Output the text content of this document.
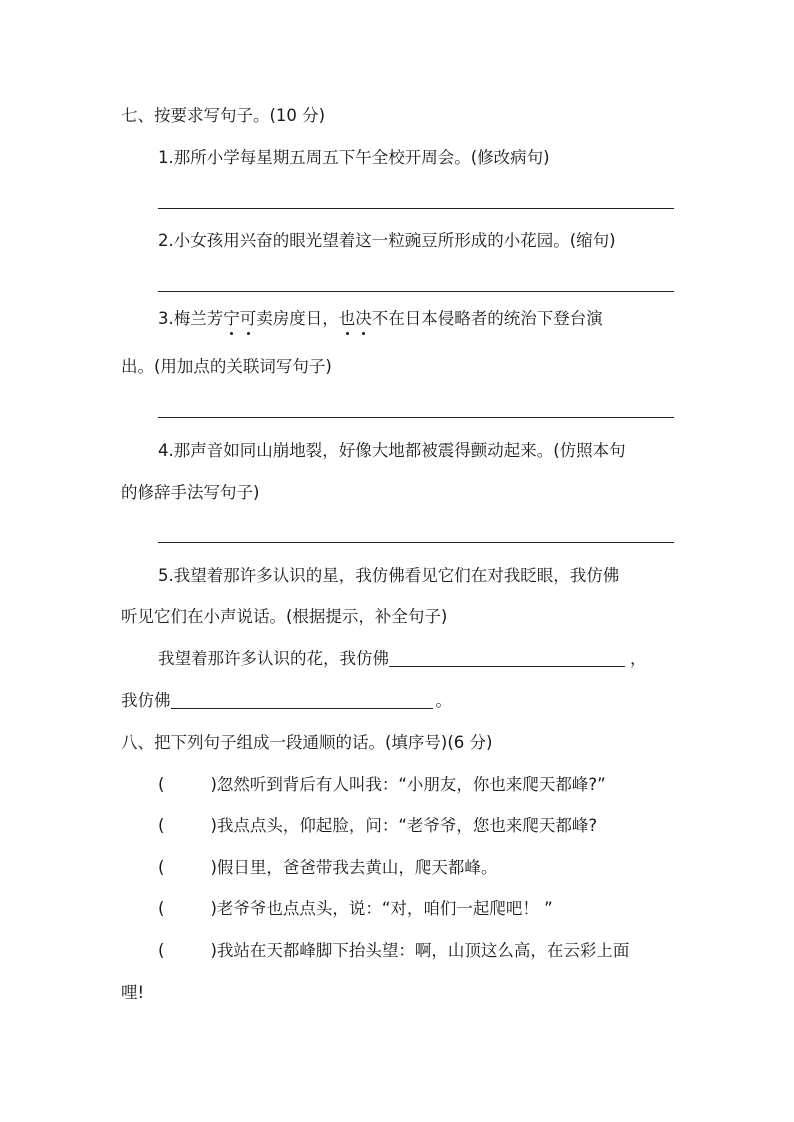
七、按要求写句子。(10 分)
1.那所小学每星期五周五下午全校开周会。(修改病句)
2.小女孩用兴奋的眼光望着这一粒豌豆所形成的小花园。(缩句)
3.梅兰芳宁可卖房度日，也决不在日本侵略者的统治下登台演
出。(用加点的关联词写句子)
4.那声音如同山崩地裂，好像大地都被震得颤动起来。(仿照本句
的修辞手法写句子)
5.我望着那许多认识的星，我仿佛看见它们在对我眨眼，我仿佛
听见它们在小声说话。(根据提示，补全句子)
我望着那许多认识的花，我仿佛	，
我仿佛	。
八、把下列句子组成一段通顺的话。(填序号)(6 分)
(	)忽然听到背后有人叫我：“小朋友，你也来爬天都峰?”
(	)我点点头，仰起脸，问：“老爷爷，您也来爬天都峰?
(	)假日里，爸爸带我去黄山，爬天都峰。
(	)老爷爷也点点头，说：“对，咱们一起爬吧！ ”
(	)我站在天都峰脚下抬头望：啊，山顶这么高，在云彩上面
哩!
